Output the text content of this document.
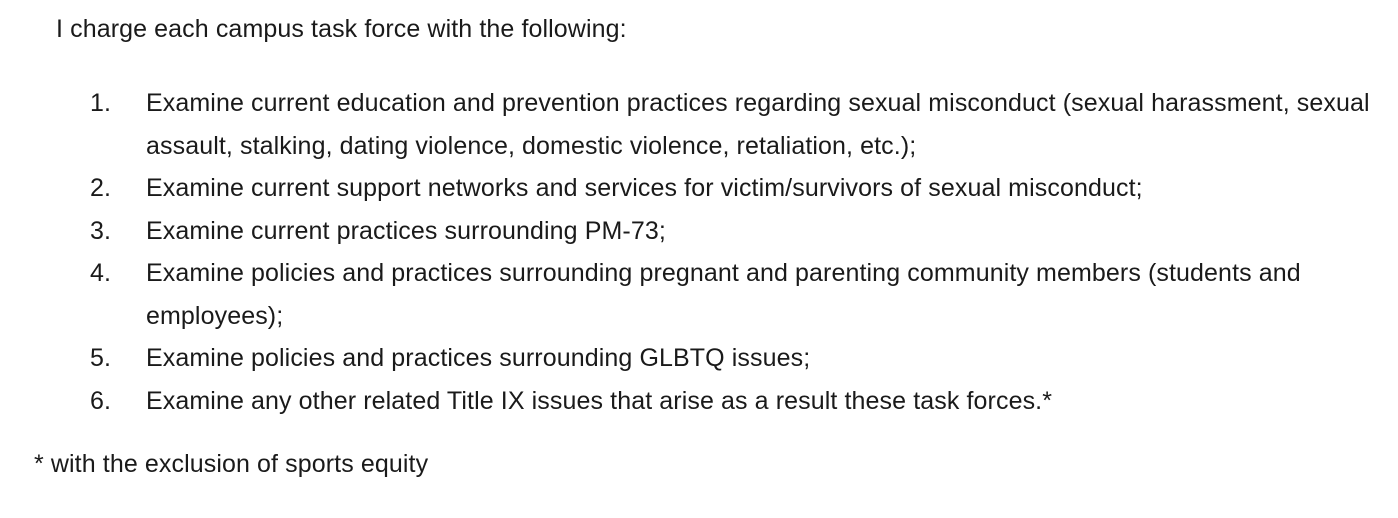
I charge each campus task force with the following:
1.	Examine current education and prevention practices regarding sexual misconduct (sexual harassment, sexual assault, stalking, dating violence, domestic violence, retaliation, etc.);
2.	Examine current support networks and services for victim/survivors of sexual misconduct;
3.	Examine current practices surrounding PM-73;
4.	Examine policies and practices surrounding pregnant and parenting community members (students and employees);
5.	Examine policies and practices surrounding GLBTQ issues;
6.	Examine any other related Title IX issues that arise as a result these task forces.*
* with the exclusion of sports equity
